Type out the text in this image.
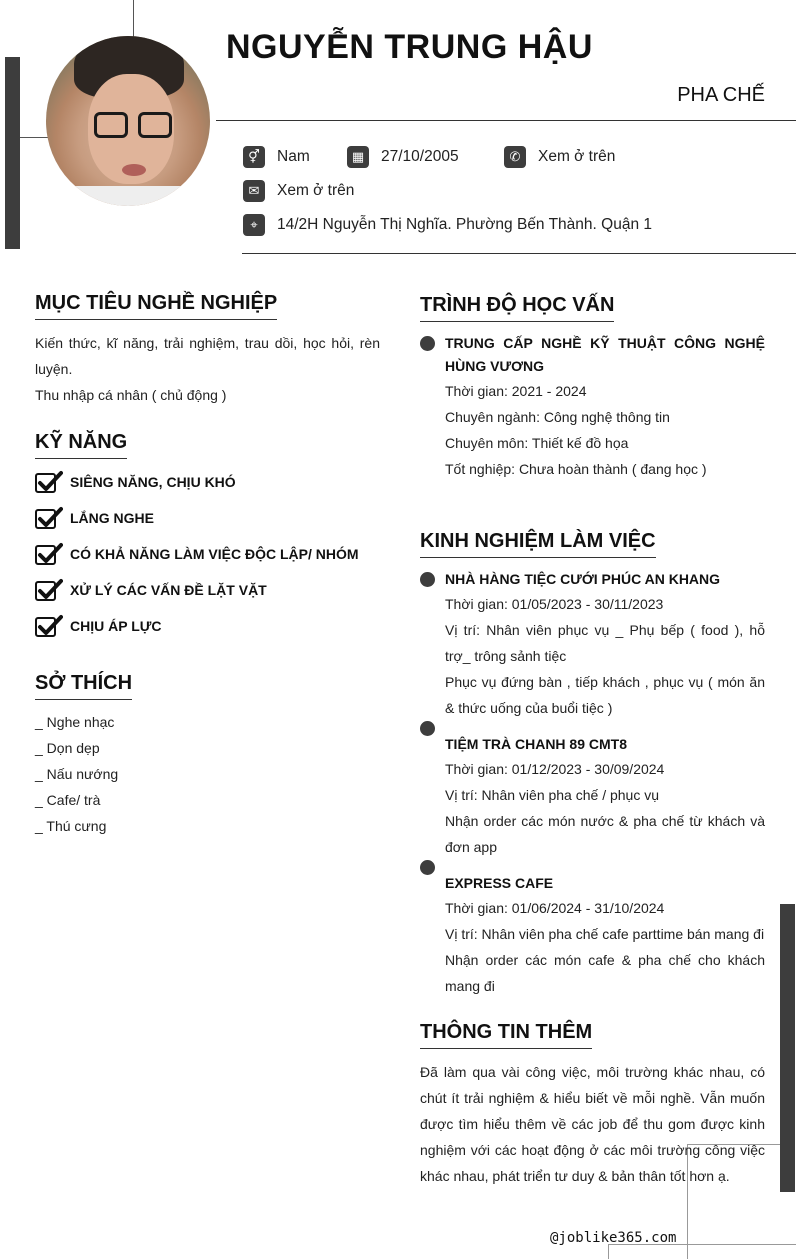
NGUYỄN TRUNG HẬU
PHA CHẾ
⚥	Nam	▦	27/10/2005	✆	Xem ở trên
✉	Xem ở trên
⌖	14/2H Nguyễn Thị Nghĩa. Phường Bến Thành. Quận 1
MỤC TIÊU NGHỀ NGHIỆP

Kiến thức, kĩ năng, trải nghiệm, trau dồi, học hỏi, rèn luyện.

Thu nhập cá nhân ( chủ động )

KỸ NĂNG
SIÊNG NĂNG, CHỊU KHÓ
LẮNG NGHE
CÓ KHẢ NĂNG LÀM VIỆC ĐỘC LẬP/ NHÓM
XỬ LÝ CÁC VẤN ĐỀ LẶT VẶT
CHỊU ÁP LỰC
SỞ THÍCH
_ Nghe nhạc
_ Dọn dẹp
_ Nấu nướng
_ Cafe/ trà
_ Thú cưng
TRÌNH ĐỘ HỌC VẤN

TRUNG CẤP NGHỀ KỸ THUẬT CÔNG NGHỆ HÙNG VƯƠNG

Thời gian: 2021 - 2024

Chuyên ngành: Công nghệ thông tin

Chuyên môn: Thiết kế đồ họa

Tốt nghiệp: Chưa hoàn thành ( đang học )

KINH NGHIỆM LÀM VIỆC

NHÀ HÀNG TIỆC CƯỚI PHÚC AN KHANG

Thời gian: 01/05/2023 - 30/11/2023

Vị trí: Nhân viên phục vụ _ Phụ bếp ( food ), hỗ trợ_ trông sảnh tiệc

Phục vụ đứng bàn , tiếp khách , phục vụ ( món ăn & thức uống của buổi tiệc )

TIỆM TRÀ CHANH 89 CMT8

Thời gian: 01/12/2023 - 30/09/2024

Vị trí: Nhân viên pha chế / phục vụ

Nhận order các món nước & pha chế từ khách và đơn app

EXPRESS CAFE

Thời gian: 01/06/2024 - 31/10/2024

Vị trí: Nhân viên pha chế cafe parttime bán mang đi

Nhận order các món cafe & pha chế cho khách mang đi

THÔNG TIN THÊM

Đã làm qua vài công việc, môi trường khác nhau, có chút ít trải nghiệm & hiểu biết về mỗi nghề. Vẫn muốn được tìm hiểu thêm về các job để thu gom được kinh nghiệm với các hoạt động ở các môi trường công việc khác nhau, phát triển tư duy & bản thân tốt hơn ạ.

@joblike365.com
